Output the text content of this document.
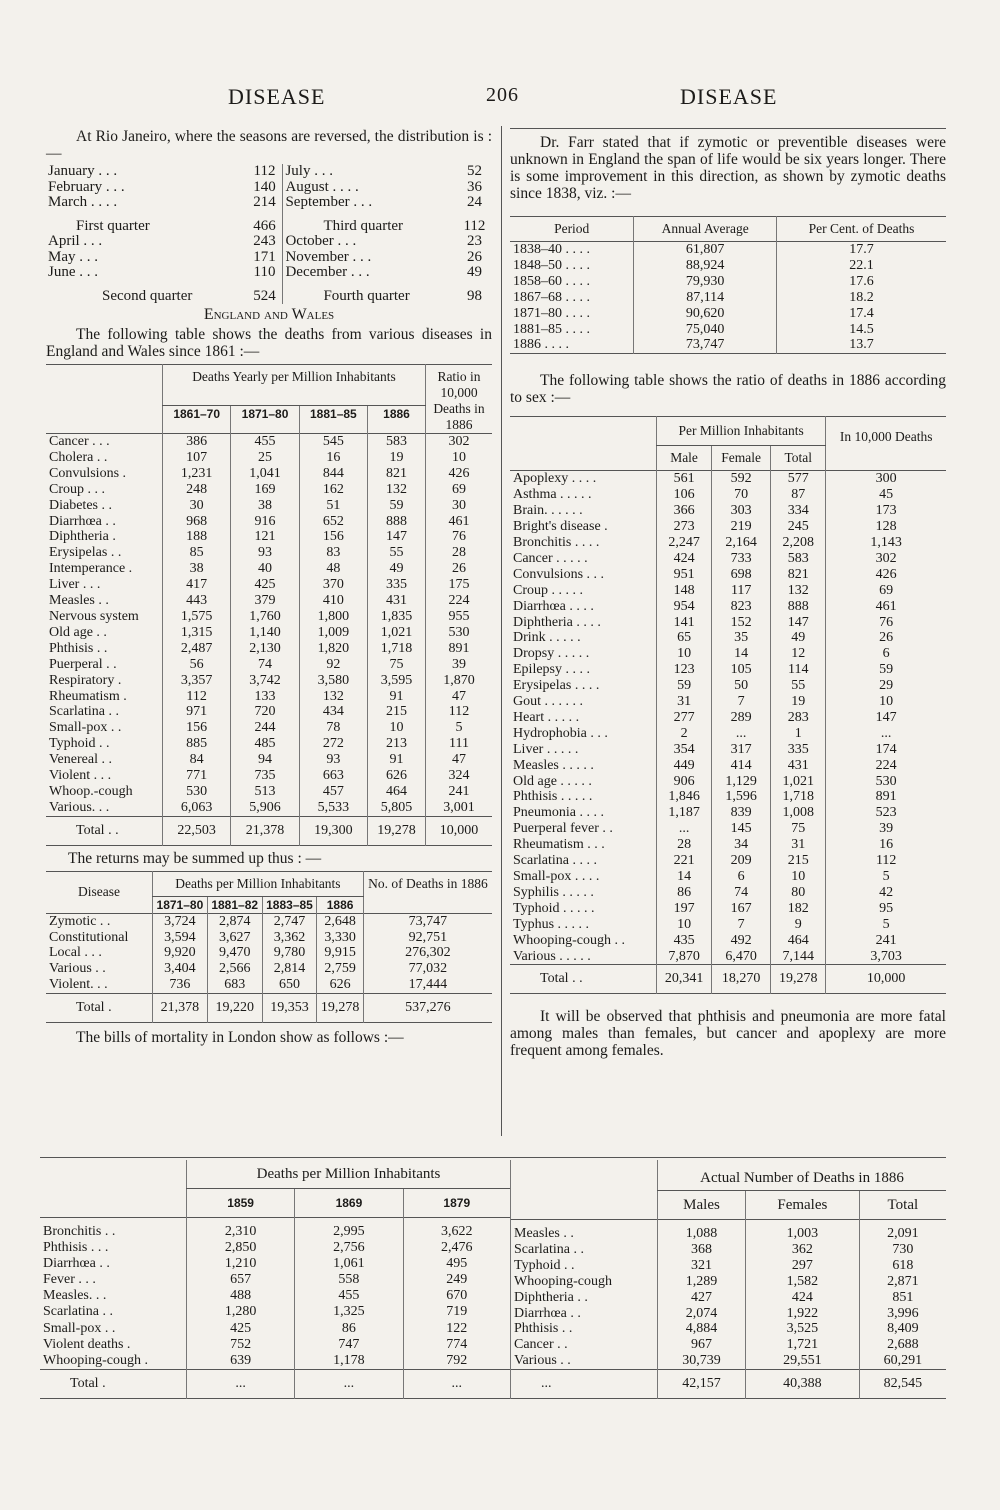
DISEASE	206	DISEASE

At Rio Janeiro, where the seasons are reversed, the distribution is :—

January . . .	112	July . . .	52
February . . .	140	August . . . .	36
March . . . .	214	September . . .	24
First quarter	466	Third quarter	112
April . . .	243	October . . .	23
May . . .	171	November . . .	26
June . . .	110	December . . .	49
Second quarter	524	Fourth quarter	98
England and Wales

The following table shows the deaths from various diseases in England and Wales since 1861 :—

	Deaths Yearly per Million Inhabitants				Ratio in 10,000 Deaths in 1886
	1861–70	1871–80	1881–85	1886	
Cancer . . .	386	455	545	583	302
Cholera . .	107	25	16	19	10
Convulsions .	1,231	1,041	844	821	426
Croup . . .	248	169	162	132	69
Diabetes . .	30	38	51	59	30
Diarrhœa . .	968	916	652	888	461
Diphtheria .	188	121	156	147	76
Erysipelas . .	85	93	83	55	28
Intemperance .	38	40	48	49	26
Liver . . .	417	425	370	335	175
Measles . .	443	379	410	431	224
Nervous system	1,575	1,760	1,800	1,835	955
Old age . .	1,315	1,140	1,009	1,021	530
Phthisis . .	2,487	2,130	1,820	1,718	891
Puerperal . .	56	74	92	75	39
Respiratory .	3,357	3,742	3,580	3,595	1,870
Rheumatism .	112	133	132	91	47
Scarlatina . .	971	720	434	215	112
Small-pox . .	156	244	78	10	5
Typhoid . .	885	485	272	213	111
Venereal . .	84	94	93	91	47
Violent . . .	771	735	663	626	324
Whoop.-cough	530	513	457	464	241
Various. . .	6,063	5,906	5,533	5,805	3,001
Total . .	22,503	21,378	19,300	19,278	10,000

The returns may be summed up thus : —

Disease	Deaths per Million Inhabitants				No. of Deaths in 1886
	1871–80	1881–82	1883–85	1886	
Zymotic . .	3,724	2,874	2,747	2,648	73,747
Constitutional	3,594	3,627	3,362	3,330	92,751
Local . . .	9,920	9,470	9,780	9,915	276,302
Various . .	3,404	2,566	2,814	2,759	77,032
Violent. . .	736	683	650	626	17,444
Total .	21,378	19,220	19,353	19,278	537,276

The bills of mortality in London show as follows :—

Dr. Farr stated that if zymotic or preventible diseases were unknown in England the span of life would be six years longer. There is some improvement in this direction, as shown by zymotic deaths since 1838, viz. :—

Period	Annual Average	Per Cent. of Deaths
1838–40 . . . .	61,807	17.7
1848–50 . . . .	88,924	22.1
1858–60 . . . .	79,930	17.6
1867–68 . . . .	87,114	18.2
1871–80 . . . .	90,620	17.4
1881–85 . . . .	75,040	14.5
1886 . . . .	73,747	13.7

The following table shows the ratio of deaths in 1886 according to sex :—

	Per Million Inhabitants			In 10,000 Deaths
	Male	Female	Total	
Apoplexy . . . .	561	592	577	300
Asthma . . . . .	106	70	87	45
Brain. . . . . .	366	303	334	173
Bright's disease .	273	219	245	128
Bronchitis . . . .	2,247	2,164	2,208	1,143
Cancer . . . . .	424	733	583	302
Convulsions . . .	951	698	821	426
Croup . . . . .	148	117	132	69
Diarrhœa . . . .	954	823	888	461
Diphtheria . . . .	141	152	147	76
Drink . . . . .	65	35	49	26
Dropsy . . . . .	10	14	12	6
Epilepsy . . . .	123	105	114	59
Erysipelas . . . .	59	50	55	29
Gout . . . . . .	31	7	19	10
Heart . . . . .	277	289	283	147
Hydrophobia . . .	2	...	1	...
Liver . . . . .	354	317	335	174
Measles . . . . .	449	414	431	224
Old age . . . . .	906	1,129	1,021	530
Phthisis . . . . .	1,846	1,596	1,718	891
Pneumonia . . . .	1,187	839	1,008	523
Puerperal fever . .	...	145	75	39
Rheumatism . . .	28	34	31	16
Scarlatina . . . .	221	209	215	112
Small-pox . . . .	14	6	10	5
Syphilis . . . . .	86	74	80	42
Typhoid . . . . .	197	167	182	95
Typhus . . . . .	10	7	9	5
Whooping-cough . .	435	492	464	241
Various . . . . .	7,870	6,470	7,144	3,703
Total . .	20,341	18,270	19,278	10,000

It will be observed that phthisis and pneumonia are more fatal among males than females, but cancer and apoplexy are more frequent among females.

	Deaths per Million Inhabitants		
	1859	1869	1879
Bronchitis . .	2,310	2,995	3,622
Phthisis . . .	2,850	2,756	2,476
Diarrhœa . .	1,210	1,061	495
Fever . . .	657	558	249
Measles. . .	488	455	670
Scarlatina . .	1,280	1,325	719
Small-pox . .	425	86	122
Violent deaths .	752	747	774
Whooping-cough .	639	1,178	792
Total .	...	...	...
	Actual Number of Deaths in 1886		
	Males	Females	Total
Measles . .	1,088	1,003	2,091
Scarlatina . .	368	362	730
Typhoid . .	321	297	618
Whooping-cough	1,289	1,582	2,871
Diphtheria . .	427	424	851
Diarrhœa . .	2,074	1,922	3,996
Phthisis . .	4,884	3,525	8,409
Cancer . .	967	1,721	2,688
Various . .	30,739	29,551	60,291
...	42,157	40,388	82,545
